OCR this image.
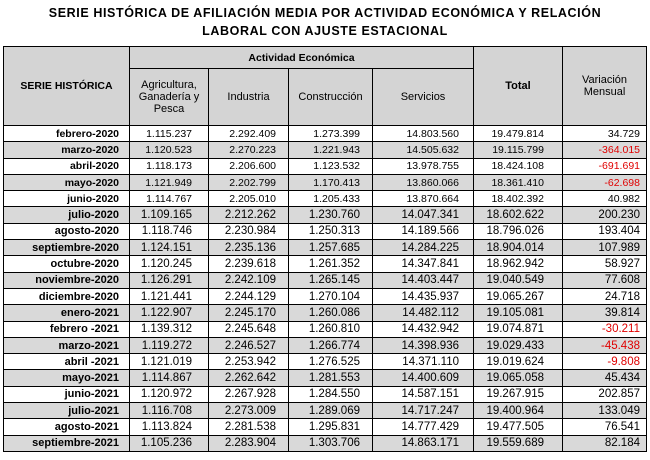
SERIE HISTÓRICA DE AFILIACIÓN MEDIA POR ACTIVIDAD ECONÓMICA Y RELACIÓN
LABORAL CON AJUSTE ESTACIONAL
SERIE HISTÓRICA	Actividad Económica				Total	Variación
Mensual

	Agricultura,
Ganadería y
Pesca	Industria	Construcción	Servicios		
febrero-2020	1.115.237	2.292.409	1.273.399	14.803.560	19.479.814	34.729
marzo-2020	1.120.523	2.270.223	1.221.943	14.505.632	19.115.799	-364.015
abril-2020	1.118.173	2.206.600	1.123.532	13.978.755	18.424.108	-691.691
mayo-2020	1.121.949	2.202.799	1.170.413	13.860.066	18.361.410	-62.698
junio-2020	1.114.767	2.205.010	1.205.433	13.870.664	18.402.392	40.982
julio-2020	1.109.165	2.212.262	1.230.760	14.047.341	18.602.622	200.230
agosto-2020	1.118.746	2.230.984	1.250.313	14.189.566	18.796.026	193.404
septiembre-2020	1.124.151	2.235.136	1.257.685	14.284.225	18.904.014	107.989
octubre-2020	1.120.245	2.239.618	1.261.352	14.347.841	18.962.942	58.927
noviembre-2020	1.126.291	2.242.109	1.265.145	14.403.447	19.040.549	77.608
diciembre-2020	1.121.441	2.244.129	1.270.104	14.435.937	19.065.267	24.718
enero-2021	1.122.907	2.245.170	1.260.086	14.482.112	19.105.081	39.814
febrero -2021	1.139.312	2.245.648	1.260.810	14.432.942	19.074.871	-30.211
marzo-2021	1.119.272	2.246.527	1.266.774	14.398.936	19.029.433	-45.438
abril -2021	1.121.019	2.253.942	1.276.525	14.371.110	19.019.624	-9.808
mayo-2021	1.114.867	2.262.642	1.281.553	14.400.609	19.065.058	45.434
junio-2021	1.120.972	2.267.928	1.284.550	14.587.151	19.267.915	202.857
julio-2021	1.116.708	2.273.009	1.289.069	14.717.247	19.400.964	133.049
agosto-2021	1.113.824	2.281.538	1.295.831	14.777.429	19.477.505	76.541
septiembre-2021	1.105.236	2.283.904	1.303.706	14.863.171	19.559.689	82.184
